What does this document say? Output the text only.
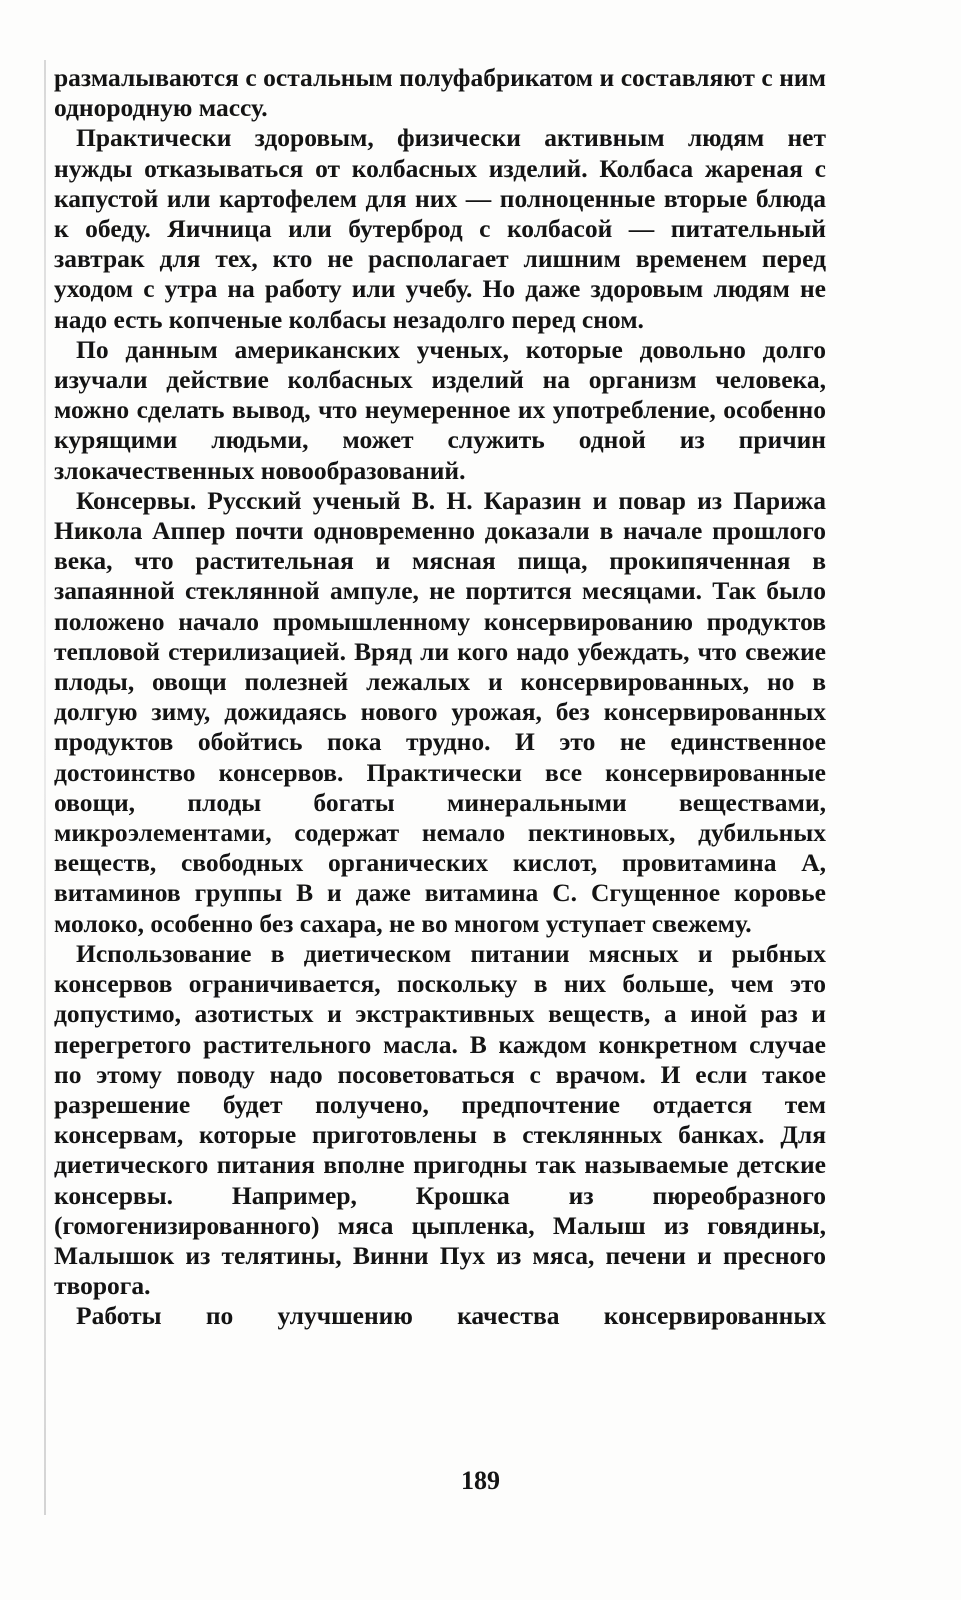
размалываются с остальным полуфабрикатом и составляют с ним однородную массу.

Практически здоровым, физически активным людям нет нужды отказываться от колбасных изделий. Колбаса жареная с капустой или картофелем для них — полноценные вторые блюда к обеду. Яичница или бутерброд с колбасой — питательный завтрак для тех, кто не располагает лишним временем перед уходом с утра на работу или учебу. Но даже здоровым людям не надо есть копченые колбасы незадолго перед сном.

По данным американских ученых, которые довольно долго изучали действие колбасных изделий на организм человека, можно сделать вывод, что неумеренное их употребление, особенно курящими людьми, может служить одной из причин злокачественных новообразований.

Консервы. Русский ученый В. Н. Каразин и повар из Парижа Никола Аппер почти одновременно доказали в начале прошлого века, что растительная и мясная пища, прокипяченная в запаянной стеклянной ампуле, не портится месяцами. Так было положено начало промышленному консервированию продуктов тепловой стерилизацией. Вряд ли кого надо убеждать, что свежие плоды, овощи полезней лежалых и консервированных, но в долгую зиму, дожидаясь нового урожая, без консервированных продуктов обойтись пока трудно. И это не единственное достоинство консервов. Практически все консервированные овощи, плоды богаты минеральными веществами, микроэлементами, содержат немало пектиновых, дубильных веществ, свободных органических кислот, провитамина А, витаминов группы В и даже витамина С. Сгущенное коровье молоко, особенно без сахара, не во многом уступает свежему.

Использование в диетическом питании мясных и рыбных консервов ограничивается, поскольку в них больше, чем это допустимо, азотистых и экстрактивных веществ, а иной раз и перегретого растительного масла. В каждом конкретном случае по этому поводу надо посоветоваться с врачом. И если такое разрешение будет получено, предпочтение отдается тем консервам, которые приготовлены в стеклянных банках. Для диетического питания вполне пригодны так называемые детские консервы. Например, Крошка из пюреобразного (гомогенизированного) мяса цыпленка, Малыш из говядины, Малышок из телятины, Винни Пух из мяса, печени и пресного творога.

Работы по улучшению качества консервированных

189
